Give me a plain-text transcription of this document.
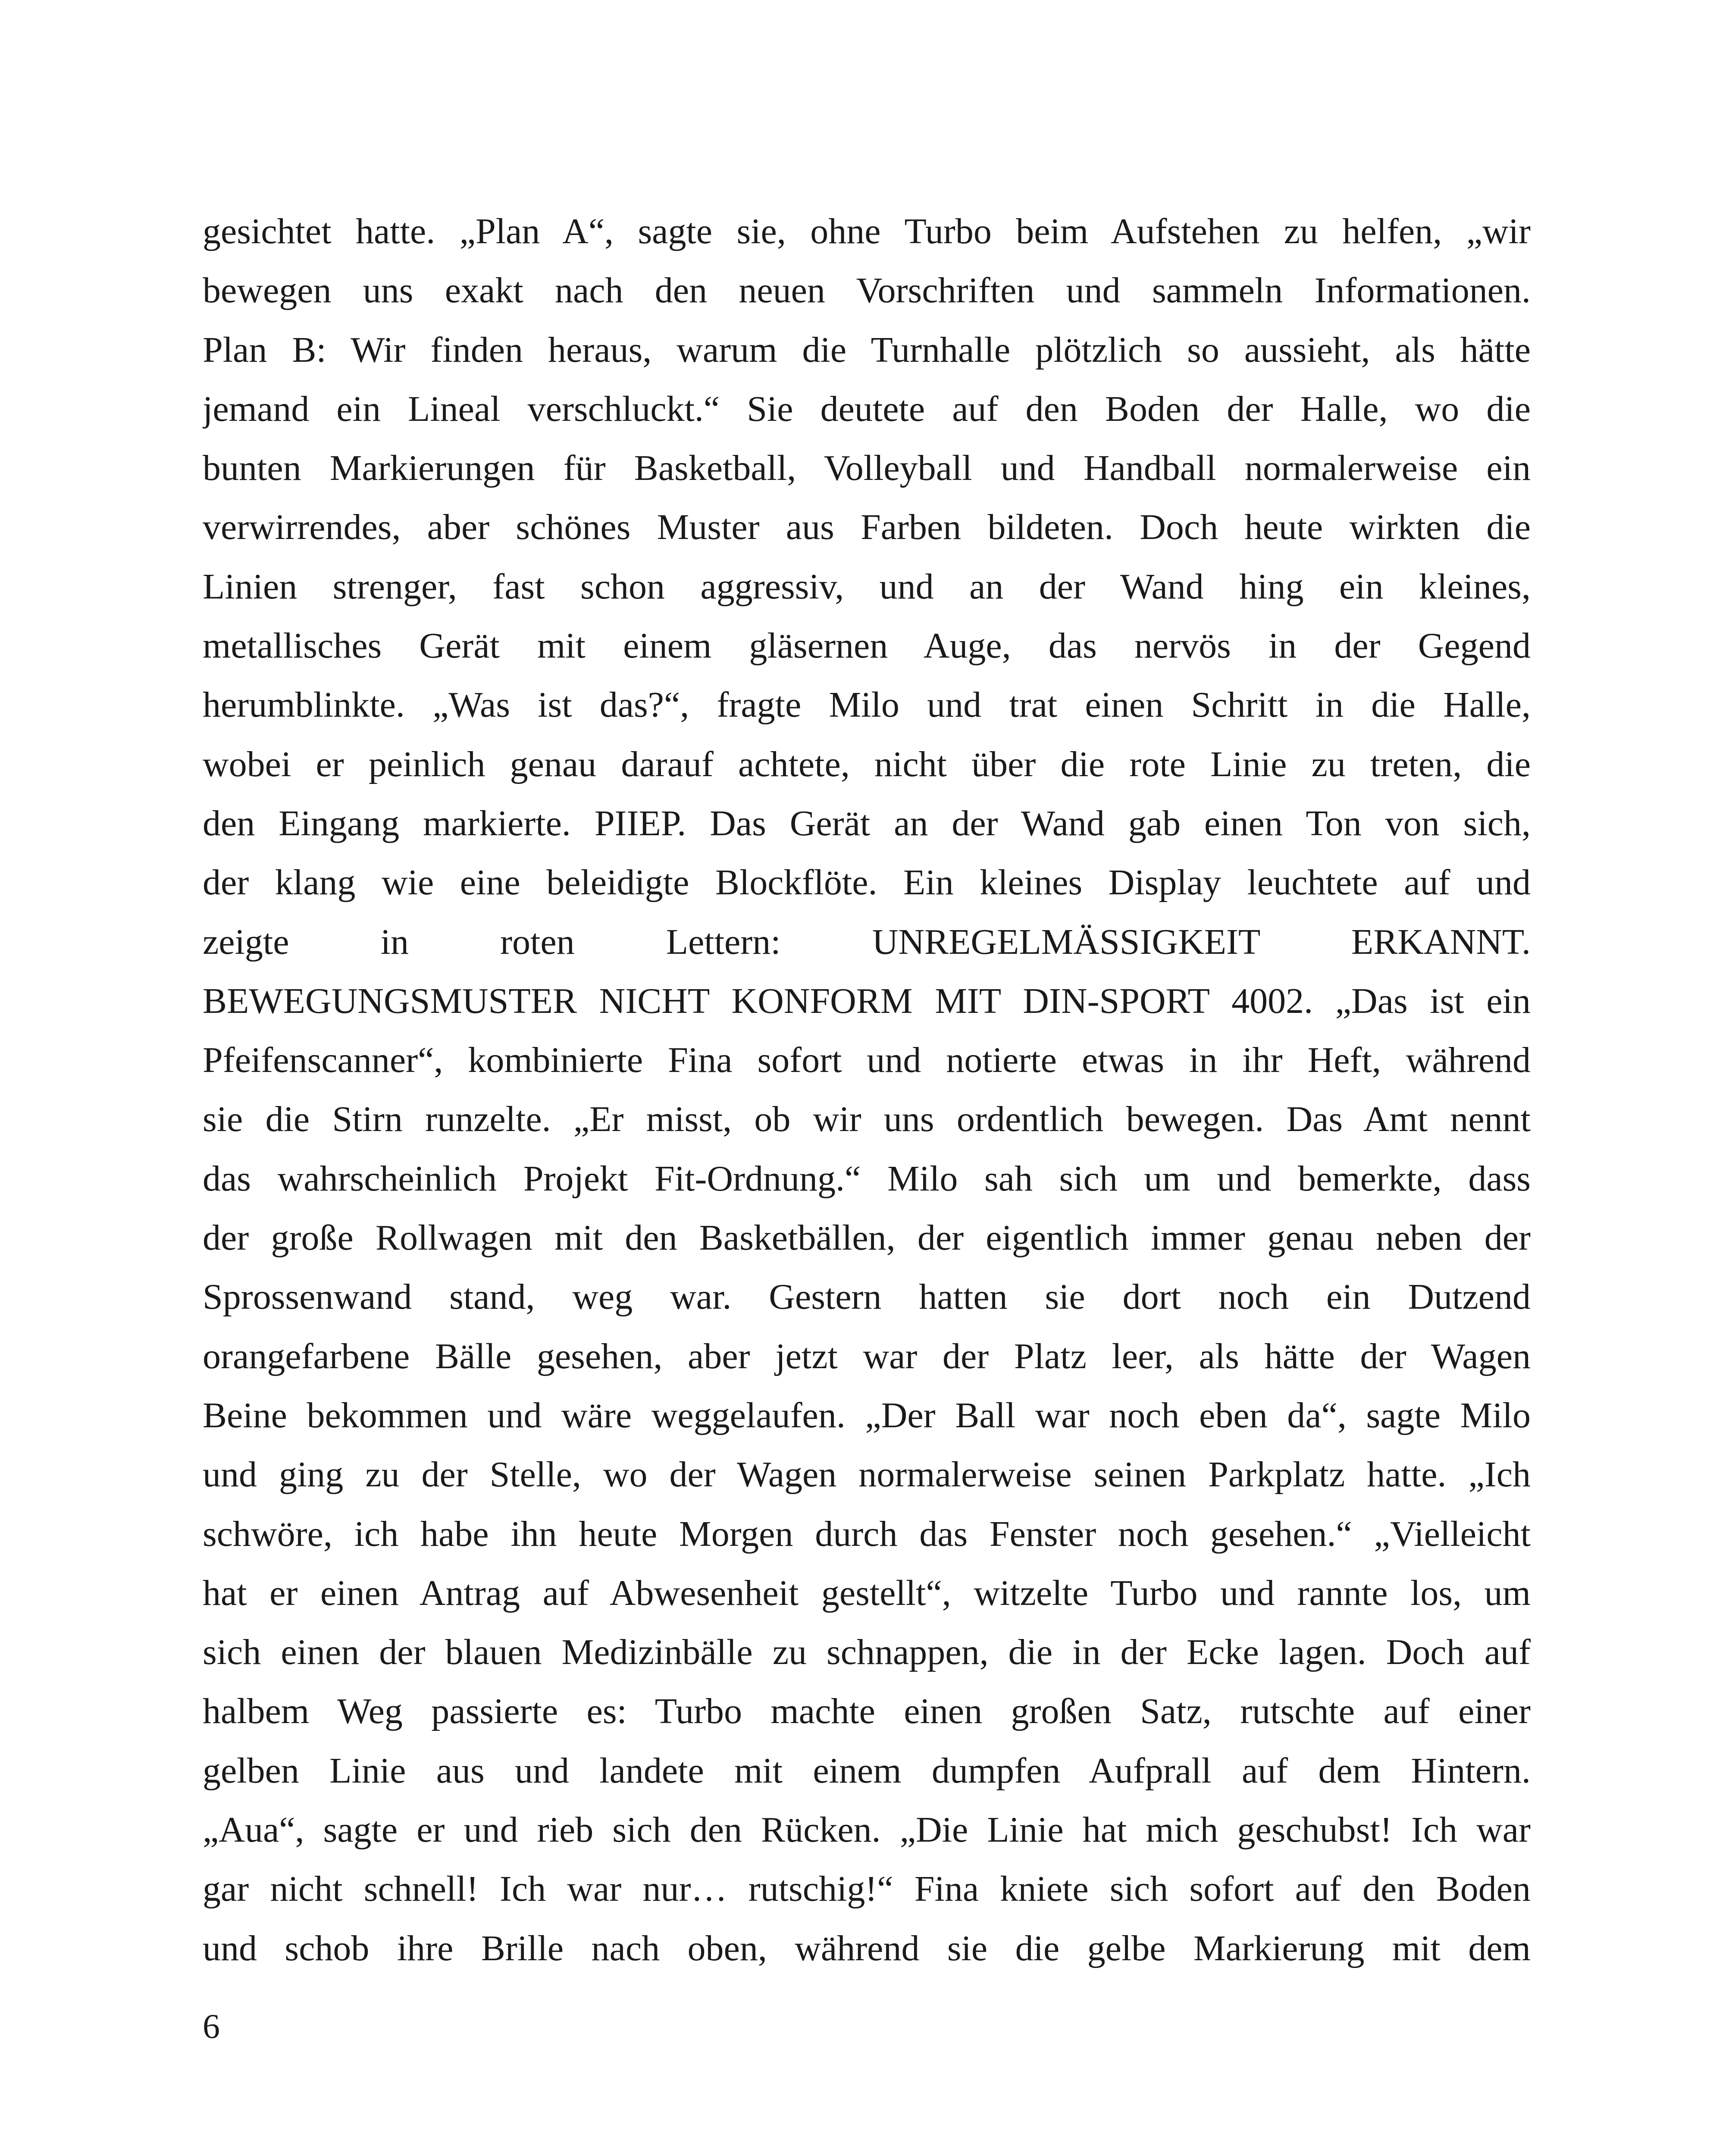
gesichtet hatte. „Plan A“, sagte sie, ohne Turbo beim Aufstehen zu helfen, „wir
bewegen uns exakt nach den neuen Vorschriften und sammeln Informationen.
Plan B: Wir finden heraus, warum die Turnhalle plötzlich so aussieht, als hätte
jemand ein Lineal verschluckt.“ Sie deutete auf den Boden der Halle, wo die
bunten Markierungen für Basketball, Volleyball und Handball normalerweise ein
verwirrendes, aber schönes Muster aus Farben bildeten. Doch heute wirkten die
Linien strenger, fast schon aggressiv, und an der Wand hing ein kleines,
metallisches Gerät mit einem gläsernen Auge, das nervös in der Gegend
herumblinkte. „Was ist das?“, fragte Milo und trat einen Schritt in die Halle,
wobei er peinlich genau darauf achtete, nicht über die rote Linie zu treten, die
den Eingang markierte. PIIEP. Das Gerät an der Wand gab einen Ton von sich,
der klang wie eine beleidigte Blockflöte. Ein kleines Display leuchtete auf und
zeigte in roten Lettern: UNREGELMÄSSIGKEIT ERKANNT.
BEWEGUNGSMUSTER NICHT KONFORM MIT DIN-SPORT 4002. „Das ist ein
Pfeifenscanner“, kombinierte Fina sofort und notierte etwas in ihr Heft, während
sie die Stirn runzelte. „Er misst, ob wir uns ordentlich bewegen. Das Amt nennt
das wahrscheinlich Projekt Fit-Ordnung.“ Milo sah sich um und bemerkte, dass
der große Rollwagen mit den Basketbällen, der eigentlich immer genau neben der
Sprossenwand stand, weg war. Gestern hatten sie dort noch ein Dutzend
orangefarbene Bälle gesehen, aber jetzt war der Platz leer, als hätte der Wagen
Beine bekommen und wäre weggelaufen. „Der Ball war noch eben da“, sagte Milo
und ging zu der Stelle, wo der Wagen normalerweise seinen Parkplatz hatte. „Ich
schwöre, ich habe ihn heute Morgen durch das Fenster noch gesehen.“ „Vielleicht
hat er einen Antrag auf Abwesenheit gestellt“, witzelte Turbo und rannte los, um
sich einen der blauen Medizinbälle zu schnappen, die in der Ecke lagen. Doch auf
halbem Weg passierte es: Turbo machte einen großen Satz, rutschte auf einer
gelben Linie aus und landete mit einem dumpfen Aufprall auf dem Hintern.
„Aua“, sagte er und rieb sich den Rücken. „Die Linie hat mich geschubst! Ich war
gar nicht schnell! Ich war nur… rutschig!“ Fina kniete sich sofort auf den Boden
und schob ihre Brille nach oben, während sie die gelbe Markierung mit dem
6
